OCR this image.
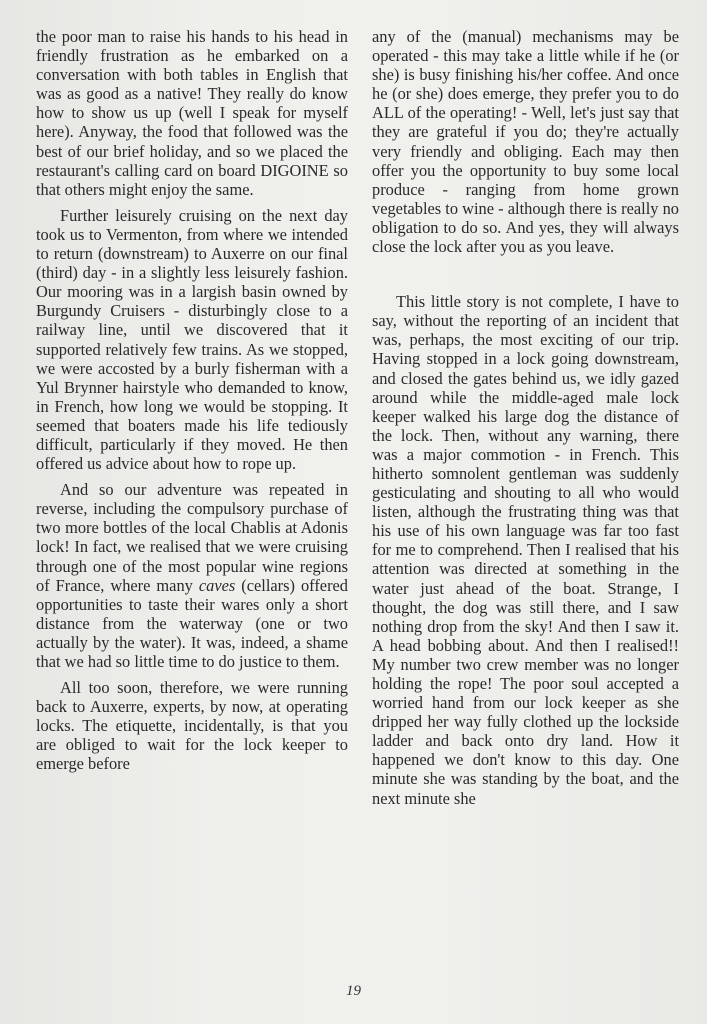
the poor man to raise his hands to his head in friendly frustration as he embarked on a conversation with both tables in English that was as good as a native! They really do know how to show us up (well I speak for myself here). Anyway, the food that followed was the best of our brief holiday, and so we placed the restaurant's calling card on board DIGOINE so that others might enjoy the same.

Further leisurely cruising on the next day took us to Vermenton, from where we intended to return (downstream) to Auxerre on our final (third) day - in a slightly less leisurely fashion. Our mooring was in a largish basin owned by Burgundy Cruisers - disturbingly close to a railway line, until we discovered that it supported relatively few trains. As we stopped, we were accosted by a burly fisherman with a Yul Brynner hairstyle who demanded to know, in French, how long we would be stopping. It seemed that boaters made his life tediously difficult, particularly if they moved. He then offered us advice about how to rope up.

And so our adventure was repeated in reverse, including the compulsory purchase of two more bottles of the local Chablis at Adonis lock! In fact, we realised that we were cruising through one of the most popular wine regions of France, where many caves (cellars) offered opportunities to taste their wares only a short distance from the waterway (one or two actually by the water). It was, indeed, a shame that we had so little time to do justice to them.

All too soon, therefore, we were running back to Auxerre, experts, by now, at operating locks. The etiquette, incidentally, is that you are obliged to wait for the lock keeper to emerge before

any of the (manual) mechanisms may be operated - this may take a little while if he (or she) is busy finishing his/her coffee. And once he (or she) does emerge, they prefer you to do ALL of the operating! - Well, let's just say that they are grateful if you do; they're actually very friendly and obliging. Each may then offer you the opportunity to buy some local produce - ranging from home grown vegetables to wine - although there is really no obligation to do so. And yes, they will always close the lock after you as you leave.

This little story is not complete, I have to say, without the reporting of an incident that was, perhaps, the most exciting of our trip. Having stopped in a lock going downstream, and closed the gates behind us, we idly gazed around while the middle-aged male lock keeper walked his large dog the distance of the lock. Then, without any warning, there was a major commotion - in French. This hitherto somnolent gentleman was suddenly gesticulating and shouting to all who would listen, although the frustrating thing was that his use of his own language was far too fast for me to comprehend. Then I realised that his attention was directed at something in the water just ahead of the boat. Strange, I thought, the dog was still there, and I saw nothing drop from the sky! And then I saw it. A head bobbing about. And then I realised!! My number two crew member was no longer holding the rope! The poor soul accepted a worried hand from our lock keeper as she dripped her way fully clothed up the lockside ladder and back onto dry land. How it happened we don't know to this day. One minute she was standing by the boat, and the next minute she

19
